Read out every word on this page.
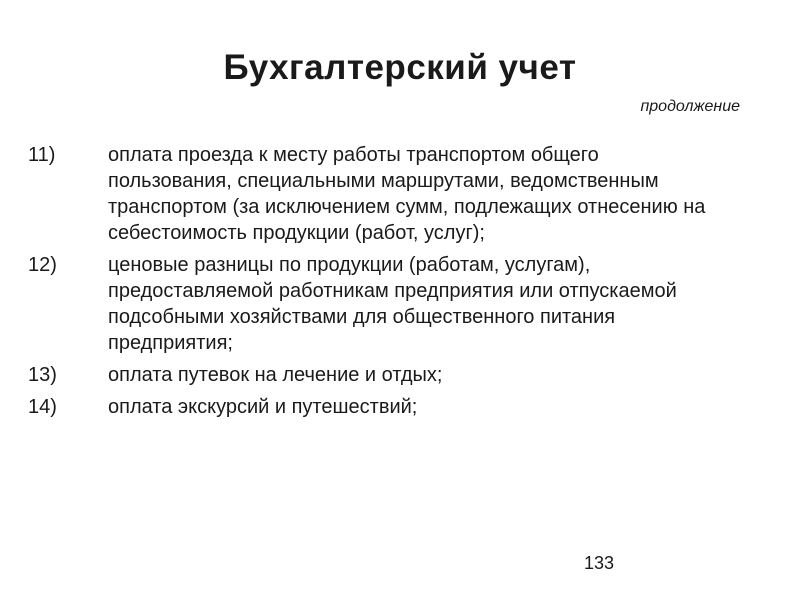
Бухгалтерский учет
продолжение
11)	оплата проезда к месту работы транспортом общего пользования, специальными маршрутами, ведомственным транспортом (за исключением сумм, подлежащих отнесению на себестоимость продукции (работ, услуг);
12)	ценовые разницы по продукции (работам, услугам), предоставляемой работникам предприятия или отпускаемой подсобными хозяйствами для общественного питания предприятия;
13)	оплата путевок на лечение и отдых;
14)	оплата экскурсий и путешествий;
133
